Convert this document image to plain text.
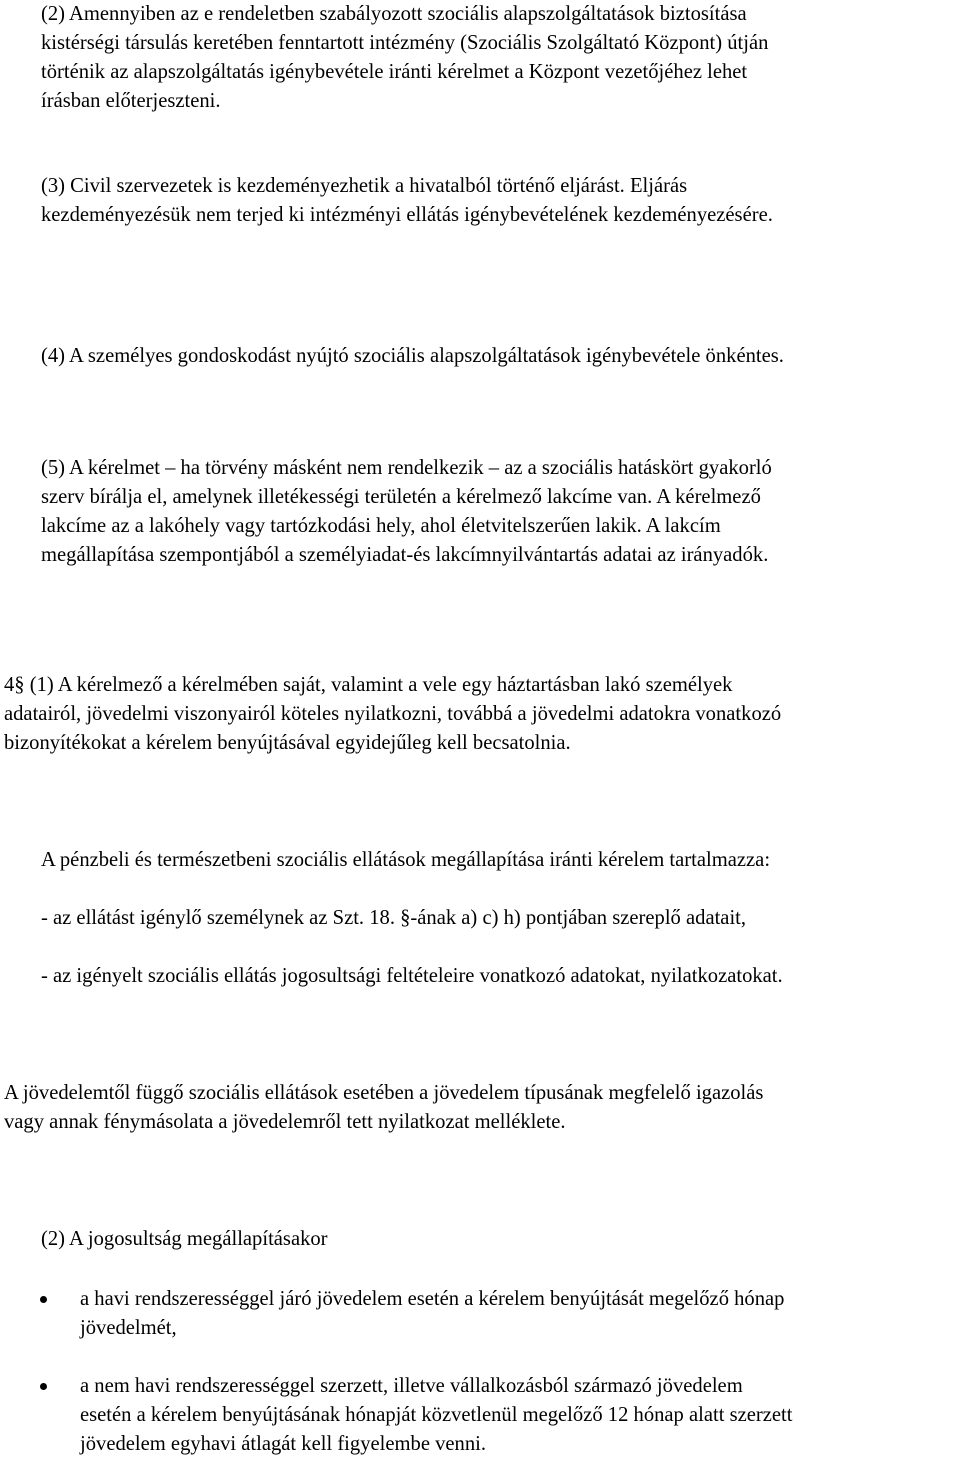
(2) Amennyiben az e rendeletben szabályozott szociális alapszolgáltatások biztosítása
kistérségi társulás keretében fenntartott intézmény (Szociális Szolgáltató Központ) útján
történik az alapszolgáltatás igénybevétele iránti kérelmet a Központ vezetőjéhez lehet
írásban előterjeszteni.
(3) Civil szervezetek is kezdeményezhetik a hivatalból történő eljárást. Eljárás
kezdeményezésük nem terjed ki intézményi ellátás igénybevételének kezdeményezésére.
(4) A személyes gondoskodást nyújtó szociális alapszolgáltatások igénybevétele önkéntes.
(5) A kérelmet – ha törvény másként nem rendelkezik – az a szociális hatáskört gyakorló
szerv bírálja el, amelynek illetékességi területén a kérelmező lakcíme van. A kérelmező
lakcíme az a lakóhely vagy tartózkodási hely, ahol életvitelszerűen lakik. A lakcím
megállapítása szempontjából a személyiadat-és lakcímnyilvántartás adatai az irányadók.
4§ (1) A kérelmező a kérelmében saját, valamint a vele egy háztartásban lakó személyek
adatairól, jövedelmi viszonyairól köteles nyilatkozni, továbbá a jövedelmi adatokra vonatkozó
bizonyítékokat a kérelem benyújtásával egyidejűleg kell becsatolnia.
A pénzbeli és természetbeni szociális ellátások megállapítása iránti kérelem tartalmazza:
- az ellátást igénylő személynek az Szt. 18. §-ának a) c) h) pontjában szereplő adatait,
- az igényelt szociális ellátás jogosultsági feltételeire vonatkozó adatokat, nyilatkozatokat.
A jövedelemtől függő szociális ellátások esetében a jövedelem típusának megfelelő igazolás
vagy annak fénymásolata a jövedelemről tett nyilatkozat melléklete.
(2) A jogosultság megállapításakor
a havi rendszerességgel járó jövedelem esetén a kérelem benyújtását megelőző hónap
jövedelmét,
a nem havi rendszerességgel szerzett, illetve vállalkozásból származó jövedelem
esetén a kérelem benyújtásának hónapját közvetlenül megelőző 12 hónap alatt szerzett
jövedelem egyhavi átlagát kell figyelembe venni.
